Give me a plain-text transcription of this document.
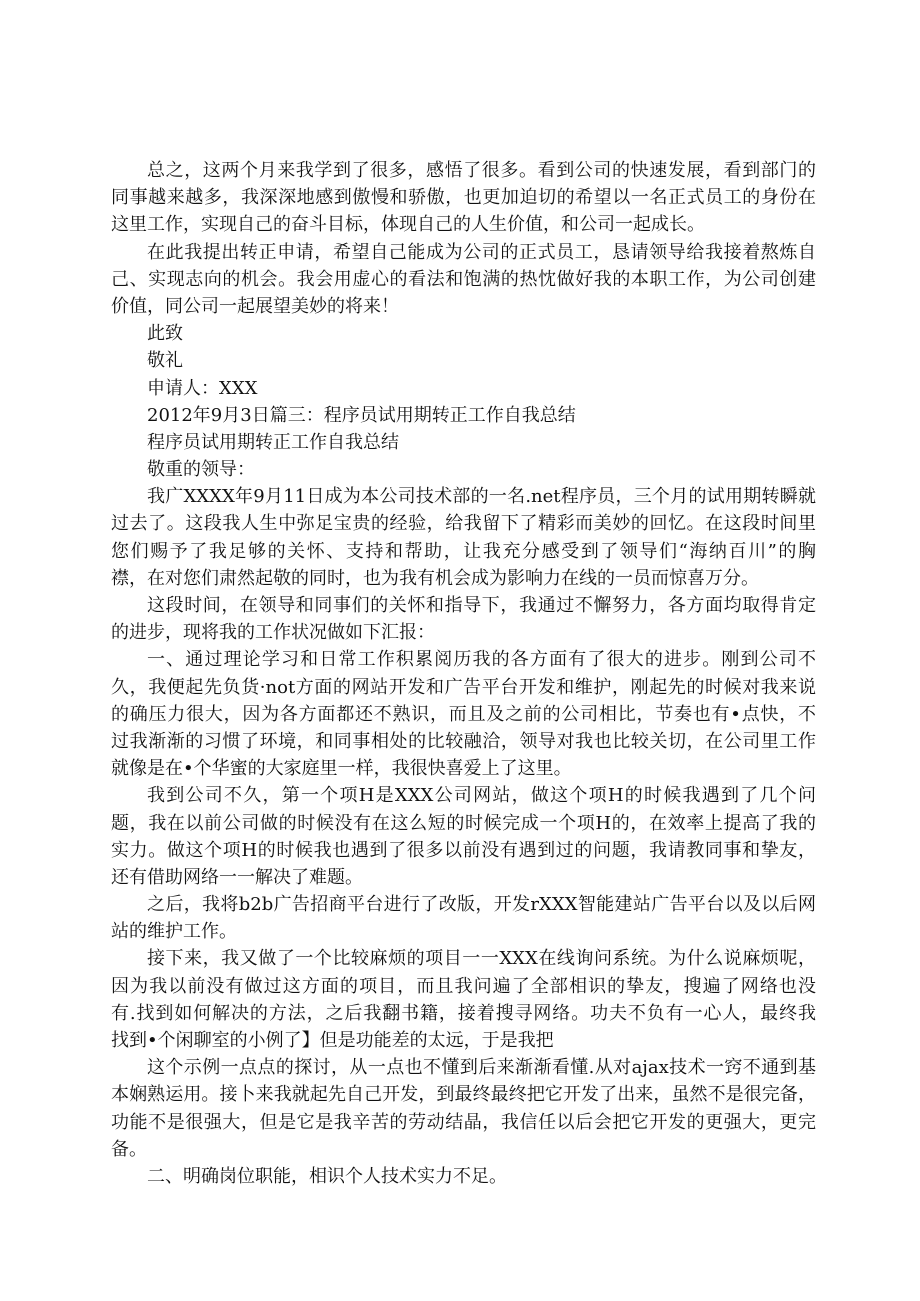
总之，这两个月来我学到了很多，感悟了很多。看到公司的快速发展，看到部门的
同事越来越多，我深深地感到傲慢和骄傲，也更加迫切的希望以一名正式员工的身份在
这里工作，实现自己的奋斗目标，体现自己的人生价值，和公司一起成长。
在此我提出转正申请，希望自己能成为公司的正式员工，恳请领导给我接着熬炼自
己、实现志向的机会。我会用虚心的看法和饱满的热忱做好我的本职工作，为公司创建
价值，同公司一起展望美妙的将来！
此致
敬礼
申请人：XXX
2012年9月3日篇三：程序员试用期转正工作自我总结
程序员试用期转正工作自我总结
敬重的领导：
我广XXXX年9月11日成为本公司技术部的一名.net程序员，三个月的试用期转瞬就
过去了。这段我人生中弥足宝贵的经验，给我留下了精彩而美妙的回忆。在这段时间里
您们赐予了我足够的关怀、支持和帮助，让我充分感受到了领导们“海纳百川”的胸
襟，在对您们肃然起敬的同时，也为我有机会成为影响力在线的一员而惊喜万分。
这段时间，在领导和同事们的关怀和指导下，我通过不懈努力，各方面均取得肯定
的进步，现将我的工作状况做如下汇报：
一、通过理论学习和日常工作积累阅历我的各方面有了很大的进步。刚到公司不
久，我便起先负货·not方面的网站开发和广告平台开发和维护，刚起先的时候对我来说
的确压力很大，因为各方面都还不熟识，而且及之前的公司相比，节奏也有•点快，不
过我渐渐的习惯了环境，和同事相处的比较融洽，领导对我也比较关切，在公司里工作
就像是在•个华蜜的大家庭里一样，我很快喜爱上了这里。
我到公司不久，第一个项H是XXX公司网站，做这个项H的时候我遇到了几个问
题，我在以前公司做的时候没有在这么短的时候完成一个项H的，在效率上提高了我的
实力。做这个项H的时候我也遇到了很多以前没有遇到过的问题，我请教同事和挚友，
还有借助网络一一解决了难题。
之后，我将b2b广告招商平台进行了改版，开发rXXX智能建站广告平台以及以后网
站的维护工作。
接下来，我又做了一个比较麻烦的项目一一XXX在线询问系统。为什么说麻烦呢，
因为我以前没有做过这方面的项目，而且我问遍了全部相识的挚友，搜遍了网络也没
有.找到如何解决的方法，之后我翻书籍，接着搜寻网络。功夫不负有一心人，最终我
找到•个闲聊室的小例了】但是功能差的太远，于是我把
这个示例一点点的探讨，从一点也不懂到后来渐渐看懂.从对ajax技术一窍不通到基
本娴熟运用。接卜来我就起先自己开发，到最终最终把它开发了出来，虽然不是很完备，
功能不是很强大，但是它是我辛苦的劳动结晶，我信任以后会把它开发的更强大，更完
备。
二、明确岗位职能，相识个人技术实力不足。
